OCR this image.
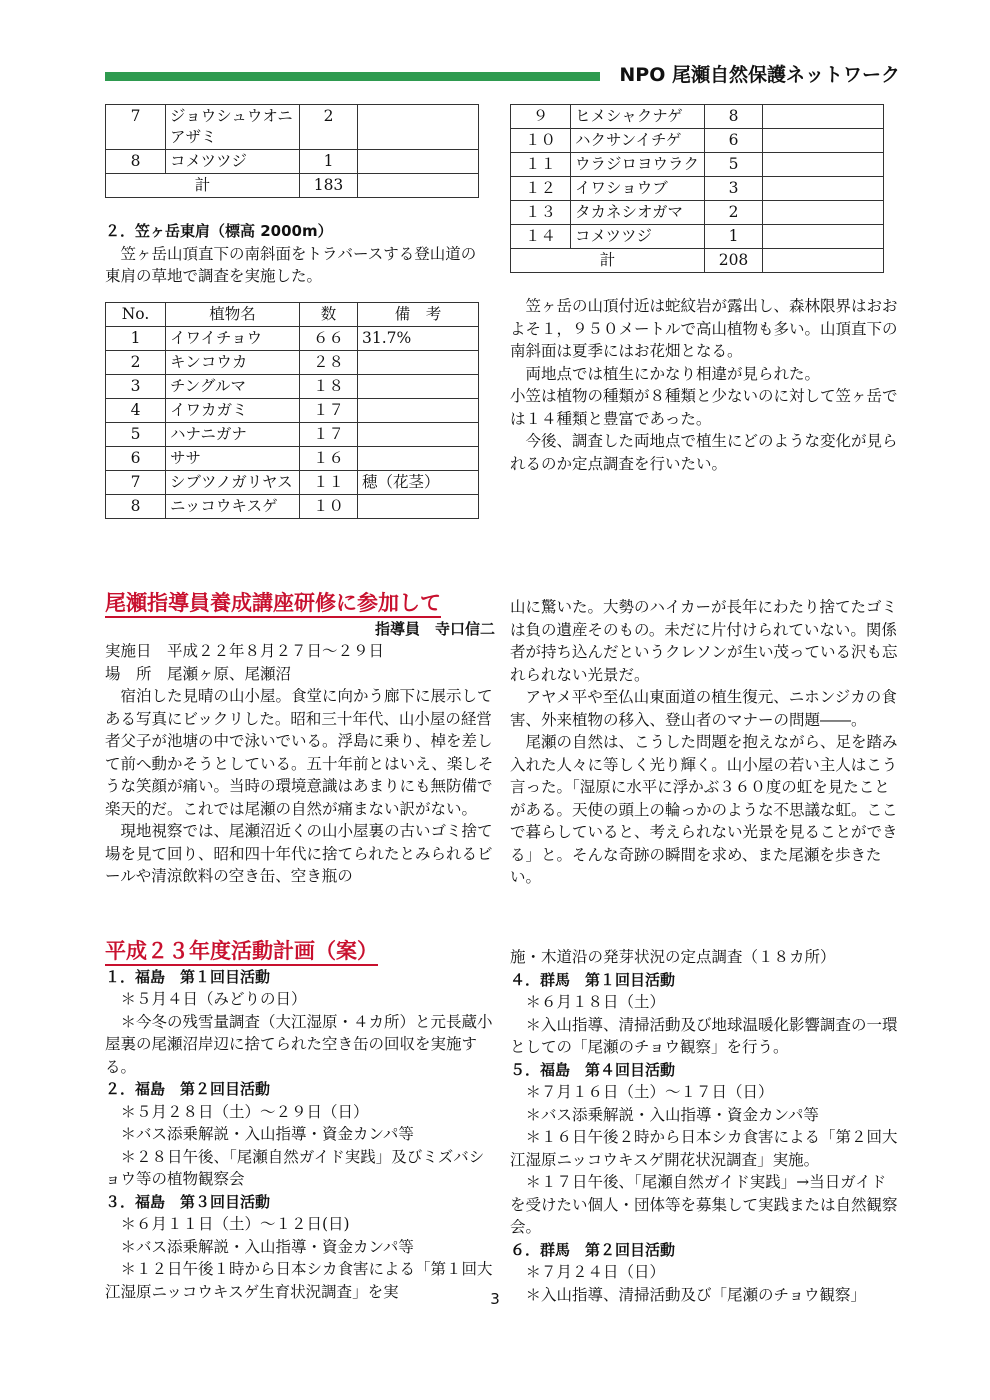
NPO 尾瀬自然保護ネットワーク
7	ジョウシュウオニアザミ	2	
8	コメツツジ	1	
計		183	
２．笠ヶ岳東肩（標高 2000m）

笠ヶ岳山頂直下の南斜面をトラバースする登山道の東肩の草地で調査を実施した。

No.	植物名	数	備　考
1	イワイチョウ	６６	31.7%
2	キンコウカ	２８	
3	チングルマ	１８	
4	イワカガミ	１７	
5	ハナニガナ	１７	
6	ササ	１６	
7	シブツノガリヤス	１１	穂（花茎）
8	ニッコウキスゲ	１０	
９	ヒメシャクナゲ	8	
１０	ハクサンイチゲ	6	
１１	ウラジロヨウラク	5	
１２	イワショウブ	3	
１３	タカネシオガマ	2	
１４	コメツツジ	1	
計		208	

笠ヶ岳の山頂付近は蛇紋岩が露出し、森林限界はおおよそ１，９５０メートルで高山植物も多い。山頂直下の南斜面は夏季にはお花畑となる。

両地点では植生にかなり相違が見られた。

小笠は植物の種類が８種類と少ないのに対して笠ヶ岳では１４種類と豊富であった。

今後、調査した両地点で植生にどのような変化が見られるのか定点調査を行いたい。

尾瀬指導員養成講座研修に参加して
指導員　寺口信二

実施日　平成２２年８月２７日～２９日

場　所　尾瀬ヶ原、尾瀬沼

宿泊した見晴の山小屋。食堂に向かう廊下に展示してある写真にビックリした。昭和三十年代、山小屋の経営者父子が池塘の中で泳いでいる。浮島に乗り、棹を差して前へ動かそうとしている。五十年前とはいえ、楽しそうな笑顔が痛い。当時の環境意識はあまりにも無防備で楽天的だ。これでは尾瀬の自然が痛まない訳がない。

現地視察では、尾瀬沼近くの山小屋裏の古いゴミ捨て場を見て回り、昭和四十年代に捨てられたとみられるビールや清涼飲料の空き缶、空き瓶の

山に驚いた。大勢のハイカーが長年にわたり捨てたゴミは負の遺産そのもの。未だに片付けられていない。関係者が持ち込んだというクレソンが生い茂っている沢も忘れられない光景だ。

アヤメ平や至仏山東面道の植生復元、ニホンジカの食害、外来植物の移入、登山者のマナーの問題――。

尾瀬の自然は、こうした問題を抱えながら、足を踏み入れた人々に等しく光り輝く。山小屋の若い主人はこう言った。「湿原に水平に浮かぶ３６０度の虹を見たことがある。天使の頭上の輪っかのような不思議な虹。ここで暮らしていると、考えられない光景を見ることができる」と。そんな奇跡の瞬間を求め、また尾瀬を歩きたい。

平成２３年度活動計画（案）
１．福島　第１回目活動

＊５月４日（みどりの日）

＊今冬の残雪量調査（大江湿原・４カ所）と元長蔵小屋裏の尾瀬沼岸辺に捨てられた空き缶の回収を実施する。

２．福島　第２回目活動

＊５月２８日（土）～２９日（日）

＊バス添乗解説・入山指導・資金カンパ等

＊２８日午後、「尾瀬自然ガイド実践」及びミズバショウ等の植物観察会

３．福島　第３回目活動

＊６月１１日（土）～１２日(日)

＊バス添乗解説・入山指導・資金カンパ等

＊１２日午後１時から日本シカ食害による「第１回大江湿原ニッコウキスゲ生育状況調査」を実

施・木道沿の発芽状況の定点調査（１８カ所）

４．群馬　第１回目活動

＊６月１８日（土）

＊入山指導、清掃活動及び地球温暖化影響調査の一環としての「尾瀬のチョウ観察」を行う。

５．福島　第４回目活動

＊７月１６日（土）～１７日（日）

＊バス添乗解説・入山指導・資金カンパ等

＊１６日午後２時から日本シカ食害による「第２回大江湿原ニッコウキスゲ開花状況調査」実施。

＊１７日午後、「尾瀬自然ガイド実践」→当日ガイドを受けたい個人・団体等を募集して実践または自然観察会。

６．群馬　第２回目活動

＊７月２４日（日）

＊入山指導、清掃活動及び「尾瀬のチョウ観察」

3
